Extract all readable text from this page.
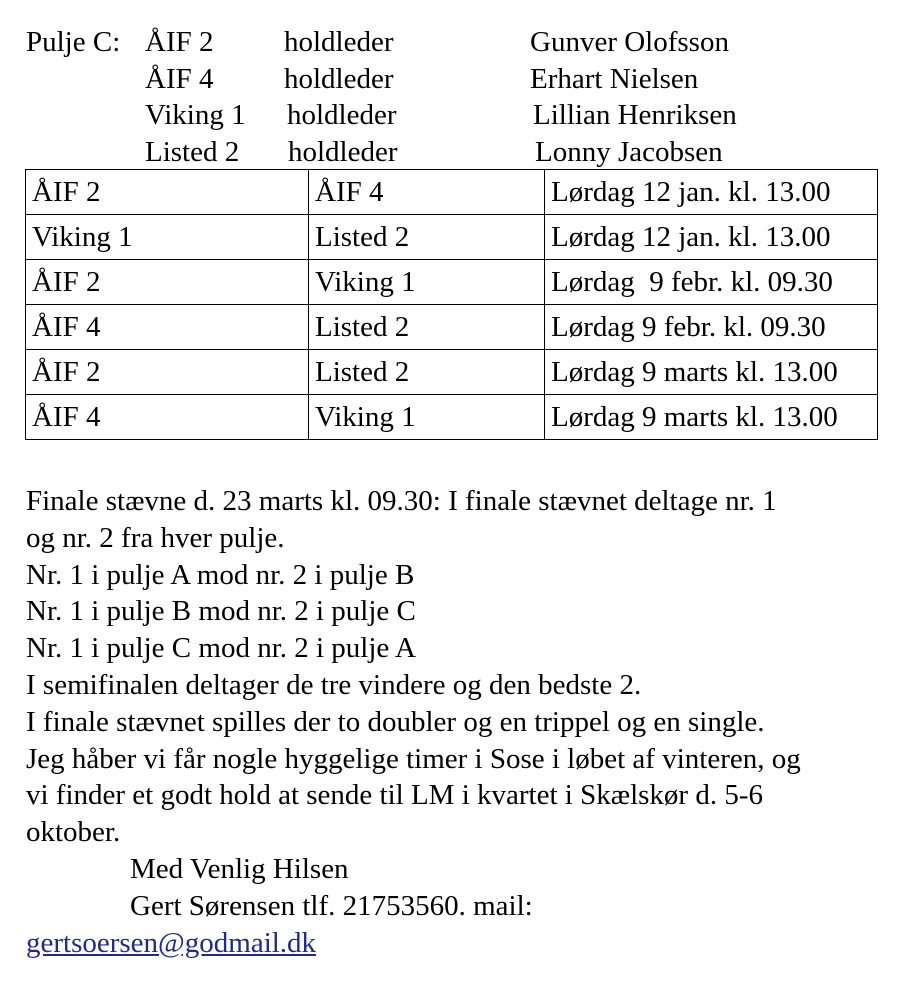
Pulje C: ÅIF 2 holdleder	Gunver Olofsson
ÅIF 4 holdleder	Erhart Nielsen
Viking 1 holdleder	Lillian Henriksen
Listed 2 holdleder	Lonny Jacobsen
ÅIF 2	ÅIF 4	Lørdag 12 jan. kl. 13.00
Viking 1	Listed 2	Lørdag 12 jan. kl. 13.00
ÅIF 2	Viking 1	Lørdag  9 febr. kl. 09.30
ÅIF 4	Listed 2	Lørdag 9 febr. kl. 09.30
ÅIF 2	Listed 2	Lørdag 9 marts kl. 13.00
ÅIF 4	Viking 1	Lørdag 9 marts kl. 13.00

Finale stævne d. 23 marts kl. 09.30: I finale stævnet deltage nr. 1

og nr. 2 fra hver pulje.

Nr. 1 i pulje A mod nr. 2 i pulje B

Nr. 1 i pulje B mod nr. 2 i pulje C

Nr. 1 i pulje C mod nr. 2 i pulje A

I semifinalen deltager de tre vindere og den bedste 2.

I finale stævnet spilles der to doubler og en trippel og en single.

Jeg håber vi får nogle hyggelige timer i Sose i løbet af vinteren, og

vi finder et godt hold at sende til LM i kvartet i Skælskør d. 5-6

oktober.

Med Venlig Hilsen

Gert Sørensen tlf. 21753560. mail:

gertsoersen@godmail.dk
